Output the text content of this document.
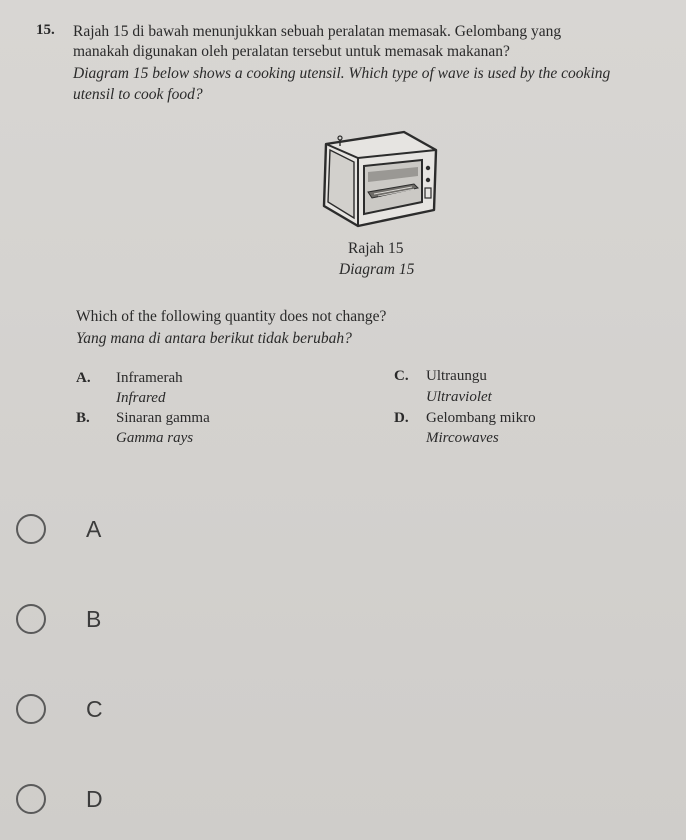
15. Rajah 15 di bawah menunjukkan sebuah peralatan memasak. Gelombang yang
manakah digunakan oleh peralatan tersebut untuk memasak makanan?
Diagram 15 below shows a cooking utensil. Which type of wave is used by the cooking
utensil to cook food?
Rajah 15
Diagram 15
Which of the following quantity does not change?
Yang mana di antara berikut tidak berubah?
A. Inframerah
Infrared
B. Sinaran gamma
Gamma rays
C. Ultraungu
Ultraviolet
D. Gelombang mikro
Mircowaves
A
B
C
D
